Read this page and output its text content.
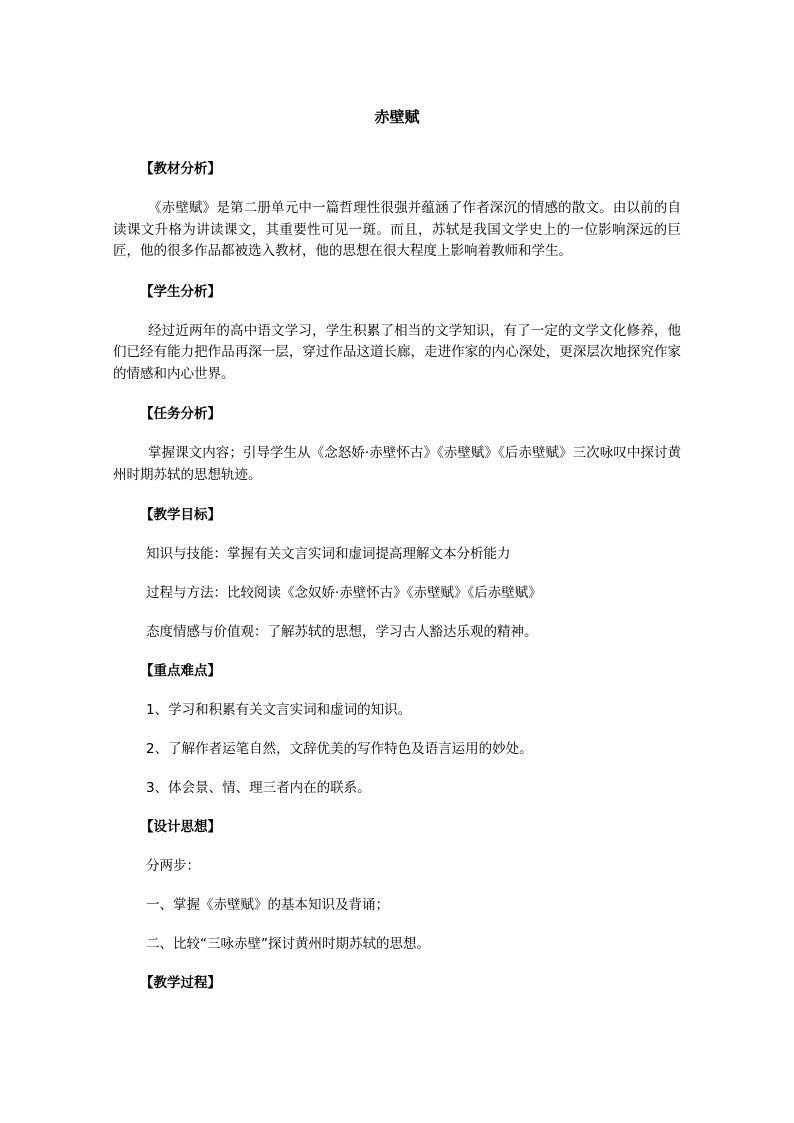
赤壁赋
【教材分析】
《赤壁赋》是第二册单元中一篇哲理性很强并蕴涵了作者深沉的情感的散文。由以前的自读课文升格为讲读课文，其重要性可见一斑。而且，苏轼是我国文学史上的一位影响深远的巨匠，他的很多作品都被选入教材，他的思想在很大程度上影响着教师和学生。
【学生分析】
经过近两年的高中语文学习，学生积累了相当的文学知识，有了一定的文学文化修养，他们已经有能力把作品再深一层，穿过作品这道长廊，走进作家的内心深处，更深层次地探究作家的情感和内心世界。
【任务分析】
掌握课文内容；引导学生从《念怒娇·赤壁怀古》《赤壁赋》《后赤壁赋》三次咏叹中探讨黄州时期苏轼的思想轨迹。
【教学目标】
知识与技能：掌握有关文言实词和虚词提高理解文本分析能力
过程与方法：比较阅读《念奴娇·赤壁怀古》《赤壁赋》《后赤壁赋》
态度情感与价值观：了解苏轼的思想，学习古人豁达乐观的精神。
【重点难点】
1、学习和积累有关文言实词和虚词的知识。
2、了解作者运笔自然，文辞优美的写作特色及语言运用的妙处。
3、体会景、情、理三者内在的联系。
【设计思想】
分两步：
一、掌握《赤壁赋》的基本知识及背诵；
二、比较“三咏赤壁”探讨黄州时期苏轼的思想。
【教学过程】
